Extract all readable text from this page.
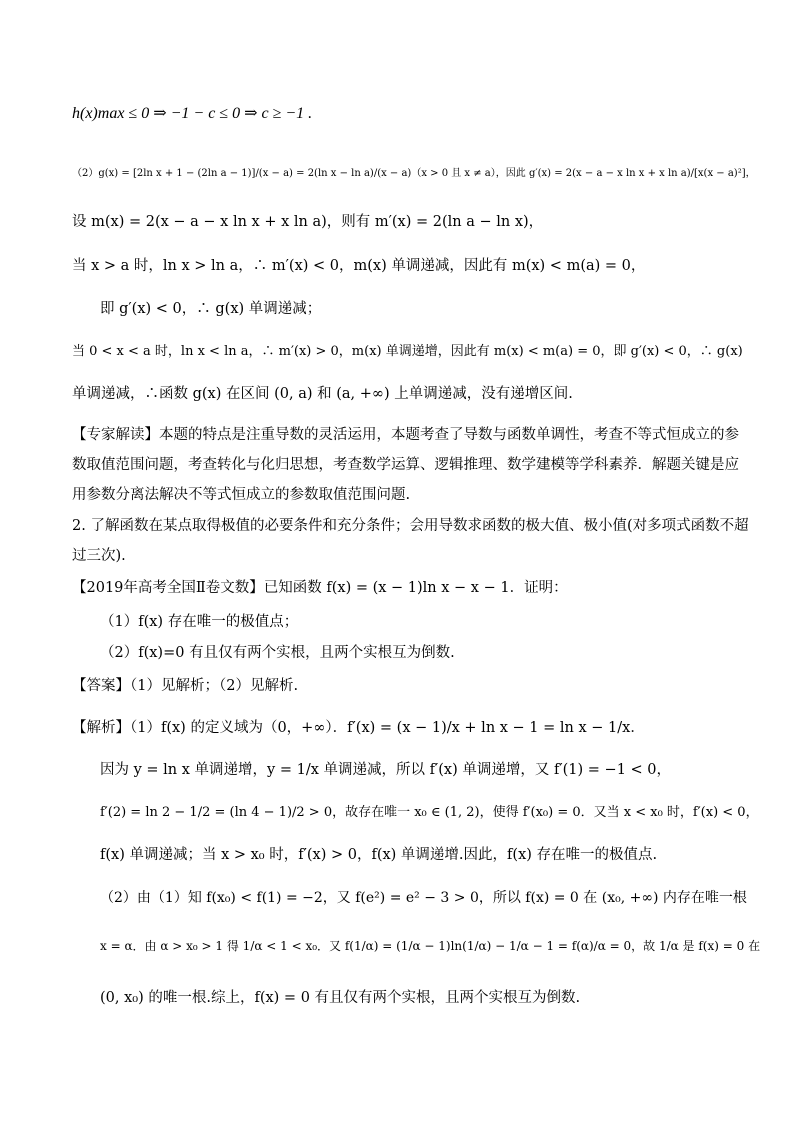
h(x)max ≤ 0 ⇒ −1 − c ≤ 0 ⇒ c ≥ −1 .
（2）g(x) = [2ln x + 1 − (2ln a − 1)]/(x − a) = 2(ln x − ln a)/(x − a)（x > 0 且 x ≠ a），因此 g′(x) = 2(x − a − x ln x + x ln a)/[x(x − a)²]，
设 m(x) = 2(x − a − x ln x + x ln a)，则有 m′(x) = 2(ln a − ln x)，
当 x > a 时，ln x > ln a，∴ m′(x) < 0，m(x) 单调递减，因此有 m(x) < m(a) = 0，
即 g′(x) < 0，∴ g(x) 单调递减；
当 0 < x < a 时，ln x < ln a，∴ m′(x) > 0，m(x) 单调递增，因此有 m(x) < m(a) = 0，即 g′(x) < 0，∴ g(x)
单调递减，∴函数 g(x) 在区间 (0, a) 和 (a, +∞) 上单调递减，没有递增区间.
【专家解读】本题的特点是注重导数的灵活运用，本题考查了导数与函数单调性，考查不等式恒成立的参
数取值范围问题，考查转化与化归思想，考查数学运算、逻辑推理、数学建模等学科素养．解题关键是应
用参数分离法解决不等式恒成立的参数取值范围问题.
2. 了解函数在某点取得极值的必要条件和充分条件；会用导数求函数的极大值、极小值(对多项式函数不超
过三次).
【2019年高考全国Ⅱ卷文数】已知函数 f(x) = (x − 1)ln x − x − 1．证明：
（1）f(x) 存在唯一的极值点；
（2）f(x)=0 有且仅有两个实根，且两个实根互为倒数.
【答案】（1）见解析；（2）见解析.
【解析】（1）f(x) 的定义域为（0，+∞）．f′(x) = (x − 1)/x + ln x − 1 = ln x − 1/x．
因为 y = ln x 单调递增，y = 1/x 单调递减，所以 f′(x) 单调递增，又 f′(1) = −1 < 0，
f′(2) = ln 2 − 1/2 = (ln 4 − 1)/2 > 0，故存在唯一 x₀ ∈ (1, 2)，使得 f′(x₀) = 0．又当 x < x₀ 时，f′(x) < 0，
f(x) 单调递减；当 x > x₀ 时，f′(x) > 0，f(x) 单调递增.因此，f(x) 存在唯一的极值点.
（2）由（1）知 f(x₀) < f(1) = −2，又 f(e²) = e² − 3 > 0，所以 f(x) = 0 在 (x₀, +∞) 内存在唯一根
x = α．由 α > x₀ > 1 得 1/α < 1 < x₀．又 f(1/α) = (1/α − 1)ln(1/α) − 1/α − 1 = f(α)/α = 0，故 1/α 是 f(x) = 0 在
(0, x₀) 的唯一根.综上，f(x) = 0 有且仅有两个实根，且两个实根互为倒数.
